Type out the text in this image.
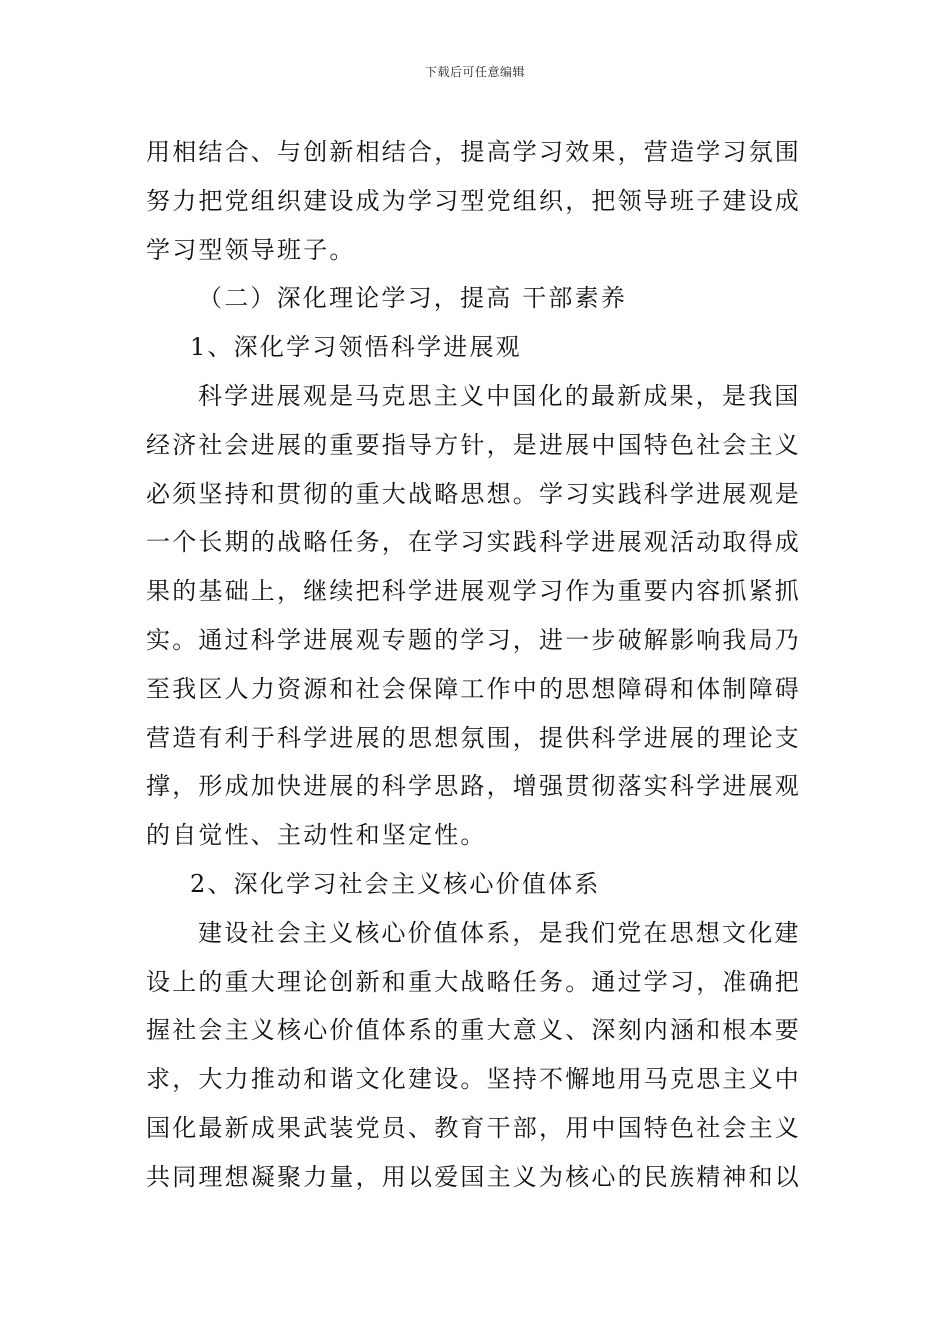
下载后可任意编辑
用相结合、与创新相结合，提高学习效果，营造学习氛围
努力把党组织建设成为学习型党组织，把领导班子建设成
学习型领导班子。
（二）深化理论学习，提高 干部素养
1、深化学习领悟科学进展观
科学进展观是马克思主义中国化的最新成果，是我国
经济社会进展的重要指导方针，是进展中国特色社会主义
必须坚持和贯彻的重大战略思想。学习实践科学进展观是
一个长期的战略任务，在学习实践科学进展观活动取得成
果的基础上，继续把科学进展观学习作为重要内容抓紧抓
实。通过科学进展观专题的学习，进一步破解影响我局乃
至我区人力资源和社会保障工作中的思想障碍和体制障碍
营造有利于科学进展的思想氛围，提供科学进展的理论支
撑，形成加快进展的科学思路，增强贯彻落实科学进展观
的自觉性、主动性和坚定性。
2、深化学习社会主义核心价值体系
建设社会主义核心价值体系，是我们党在思想文化建
设上的重大理论创新和重大战略任务。通过学习，准确把
握社会主义核心价值体系的重大意义、深刻内涵和根本要
求，大力推动和谐文化建设。坚持不懈地用马克思主义中
国化最新成果武装党员、教育干部，用中国特色社会主义
共同理想凝聚力量，用以爱国主义为核心的民族精神和以
